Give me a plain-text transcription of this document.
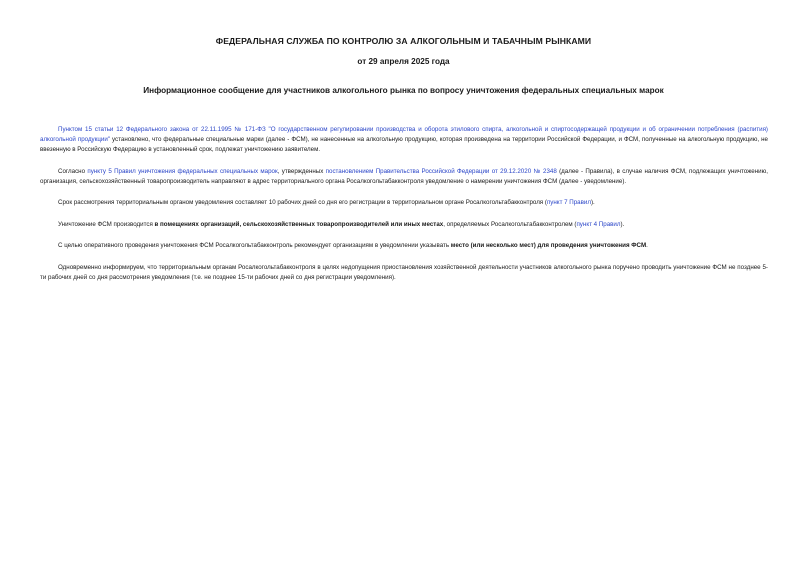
ФЕДЕРАЛЬНАЯ СЛУЖБА ПО КОНТРОЛЮ ЗА АЛКОГОЛЬНЫМ И ТАБАЧНЫМ РЫНКАМИ
от 29 апреля 2025 года
Информационное сообщение для участников алкогольного рынка по вопросу уничтожения федеральных специальных марок

Пунктом 15 статьи 12 Федерального закона от 22.11.1995 № 171-ФЗ "О государственном регулировании производства и оборота этилового спирта, алкогольной и спиртосодержащей продукции и об ограничении потребления (распития) алкогольной продукции" установлено, что федеральные специальные марки (далее - ФСМ), не нанесенные на алкогольную продукцию, которая произведена на территории Российской Федерации, и ФСМ, полученные на алкогольную продукцию, не ввезенную в Российскую Федерацию в установленный срок, подлежат уничтожению заявителем.

Согласно пункту 5 Правил уничтожения федеральных специальных марок, утвержденных постановлением Правительства Российской Федерации от 29.12.2020 № 2348 (далее - Правила), в случае наличия ФСМ, подлежащих уничтожению, организация, сельскохозяйственный товаропроизводитель направляют в адрес территориального органа Росалкогольтабакконтроля уведомление о намерении уничтожения ФСМ (далее - уведомление).

Срок рассмотрения территориальным органом уведомления составляет 10 рабочих дней со дня его регистрации в территориальном органе Росалкогольтабакконтроля (пункт 7 Правил).

Уничтожение ФСМ производится в помещениях организаций, сельскохозяйственных товаропроизводителей или иных местах, определяемых Росалкогольтабакконтролем (пункт 4 Правил).

С целью оперативного проведения уничтожения ФСМ Росалкогольтабакконтроль рекомендует организациям в уведомлении указывать место (или несколько мест) для проведения уничтожения ФСМ.

Одновременно информируем, что территориальным органам Росалкогольтабакконтроля в целях недопущения приостановления хозяйственной деятельности участников алкогольного рынка поручено проводить уничтожение ФСМ не позднее 5-ти рабочих дней со дня рассмотрения уведомления (т.е. не позднее 15-ти рабочих дней со дня регистрации уведомления).
